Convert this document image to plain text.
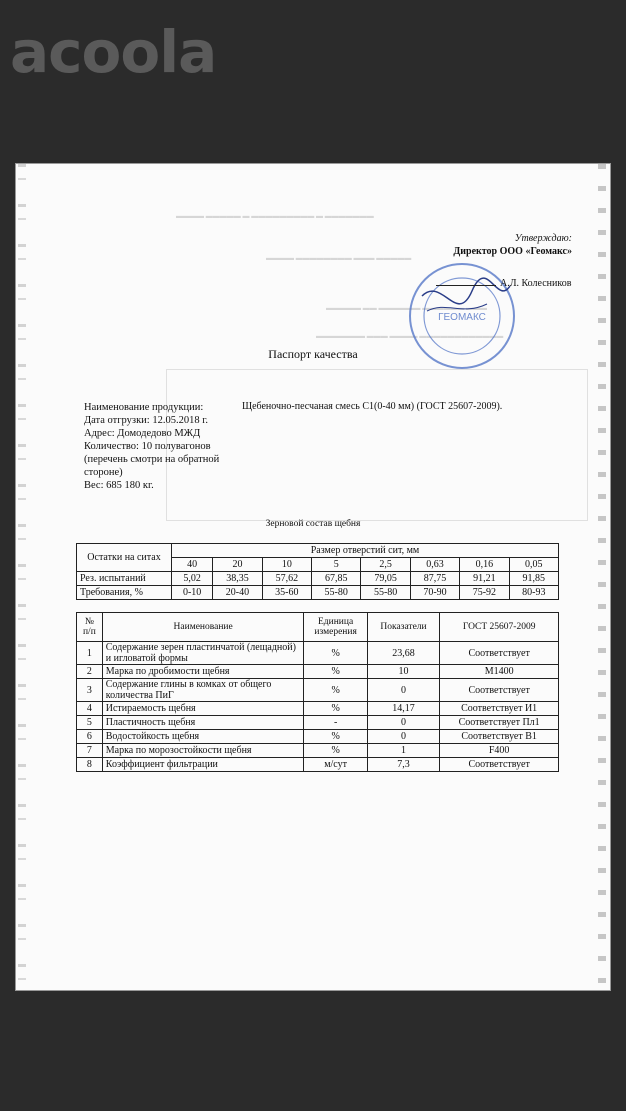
acoola
▬▬▬▬ ▬▬▬▬▬ ▬ ▬▬▬▬▬▬▬▬▬ ▬ ▬▬▬▬▬▬▬
▬▬▬▬ ▬▬▬▬▬▬▬▬ ▬▬▬ ▬▬▬▬▬
▬▬▬▬▬ ▬▬ ▬▬▬▬▬▬ ▬▬▬▬▬▬ ▬▬▬
▬▬▬▬▬▬▬ ▬▬▬ ▬▬▬▬ ▬▬▬▬▬▬▬▬▬▬▬▬
Утверждаю:
Директор ООО «Геомакс»
ГЕОМАКС
А.Л. Колесников
Паспорт качества
Наименование продукции:
Дата отгрузки: 12.05.2018 г.
Адрес: Домодедово МЖД
Количество: 10 полувагонов (перечень смотри на обратной стороне)
Вес: 685 180 кг.
Щебеночно-песчаная смесь С1(0-40 мм) (ГОСТ 25607-2009).
Зерновой состав щебня
Остатки на ситах	Размер отверстий сит, мм							
	40	20	10	5	2,5	0,63	0,16	0,05
Рез. испытаний	5,02	38,35	57,62	67,85	79,05	87,75	91,21	91,85
Требования, %	0-10	20-40	35-60	55-80	55-80	70-90	75-92	80-93
№ п/п	Наименование	Единица измерения	Показатели	ГОСТ 25607-2009
1	Содержание зерен пластинчатой (лещадной) и игловатой формы	%	23,68	Соответствует
2	Марка по дробимости щебня	%	10	М1400
3	Содержание глины в комках от общего количества ПиГ	%	0	Соответствует
4	Истираемость щебня	%	14,17	Соответствует И1
5	Пластичность щебня	-	0	Соответствует Пл1
6	Водостойкость щебня	%	0	Соответствует В1
7	Марка по морозостойкости щебня	%	1	F400
8	Коэффициент фильтрации	м/сут	7,3	Соответствует
